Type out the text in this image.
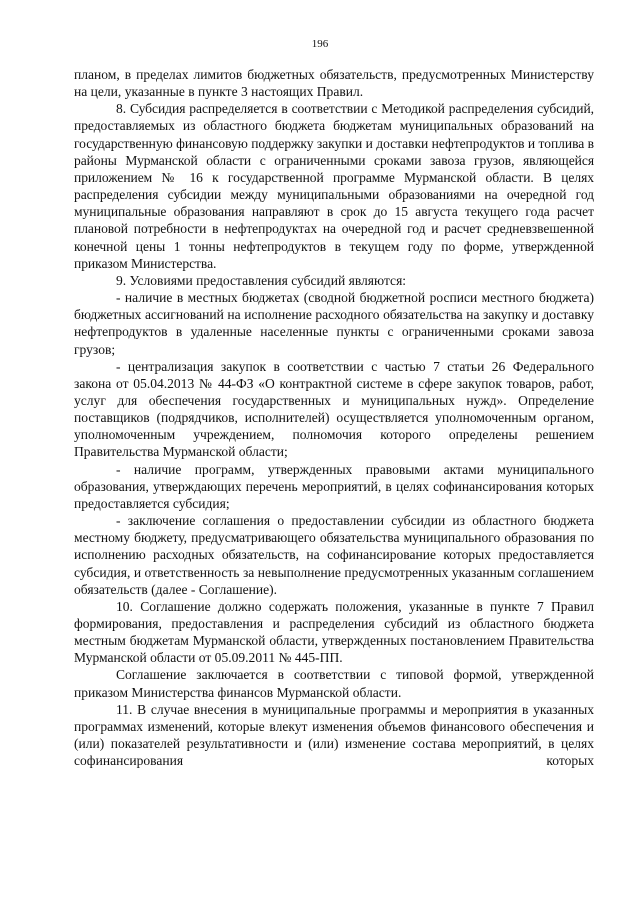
196

планом, в пределах лимитов бюджетных обязательств, предусмотренных Министерству на цели, указанные в пункте 3 настоящих Правил.

8. Субсидия распределяется в соответствии с Методикой распределения субсидий, предоставляемых из областного бюджета бюджетам муниципальных образований на государственную финансовую поддержку закупки и доставки нефтепродуктов и топлива в районы Мурманской области с ограниченными сроками завоза грузов, являющейся приложением № 16 к государственной программе Мурманской области. В целях распределения субсидии между муниципальными образованиями на очередной год муниципальные образования направляют в срок до 15 августа текущего года расчет плановой потребности в нефтепродуктах на очередной год и расчет средневзвешенной конечной цены 1 тонны нефтепродуктов в текущем году по форме, утвержденной приказом Министерства.

9. Условиями предоставления субсидий являются:

- наличие в местных бюджетах (сводной бюджетной росписи местного бюджета) бюджетных ассигнований на исполнение расходного обязательства на закупку и доставку нефтепродуктов в удаленные населенные пункты с ограниченными сроками завоза грузов;

- централизация закупок в соответствии с частью 7 статьи 26 Федерального закона от 05.04.2013 № 44-ФЗ «О контрактной системе в сфере закупок товаров, работ, услуг для обеспечения государственных и муниципальных нужд». Определение поставщиков (подрядчиков, исполнителей) осуществляется уполномоченным органом, уполномоченным учреждением, полномочия которого определены решением Правительства Мурманской области;

- наличие программ, утвержденных правовыми актами муниципального образования, утверждающих перечень мероприятий, в целях софинансирования которых предоставляется субсидия;

- заключение соглашения о предоставлении субсидии из областного бюджета местному бюджету, предусматривающего обязательства муниципального образования по исполнению расходных обязательств, на софинансирование которых предоставляется субсидия, и ответственность за невыполнение предусмотренных указанным соглашением обязательств (далее - Соглашение).

10. Соглашение должно содержать положения, указанные в пункте 7 Правил формирования, предоставления и распределения субсидий из областного бюджета местным бюджетам Мурманской области, утвержденных постановлением Правительства Мурманской области от 05.09.2011 № 445-ПП.

Соглашение заключается в соответствии с типовой формой, утвержденной приказом Министерства финансов Мурманской области.

11. В случае внесения в муниципальные программы и мероприятия в указанных программах изменений, которые влекут изменения объемов финансового обеспечения и (или) показателей результативности и (или) изменение состава мероприятий, в целях софинансирования которых
